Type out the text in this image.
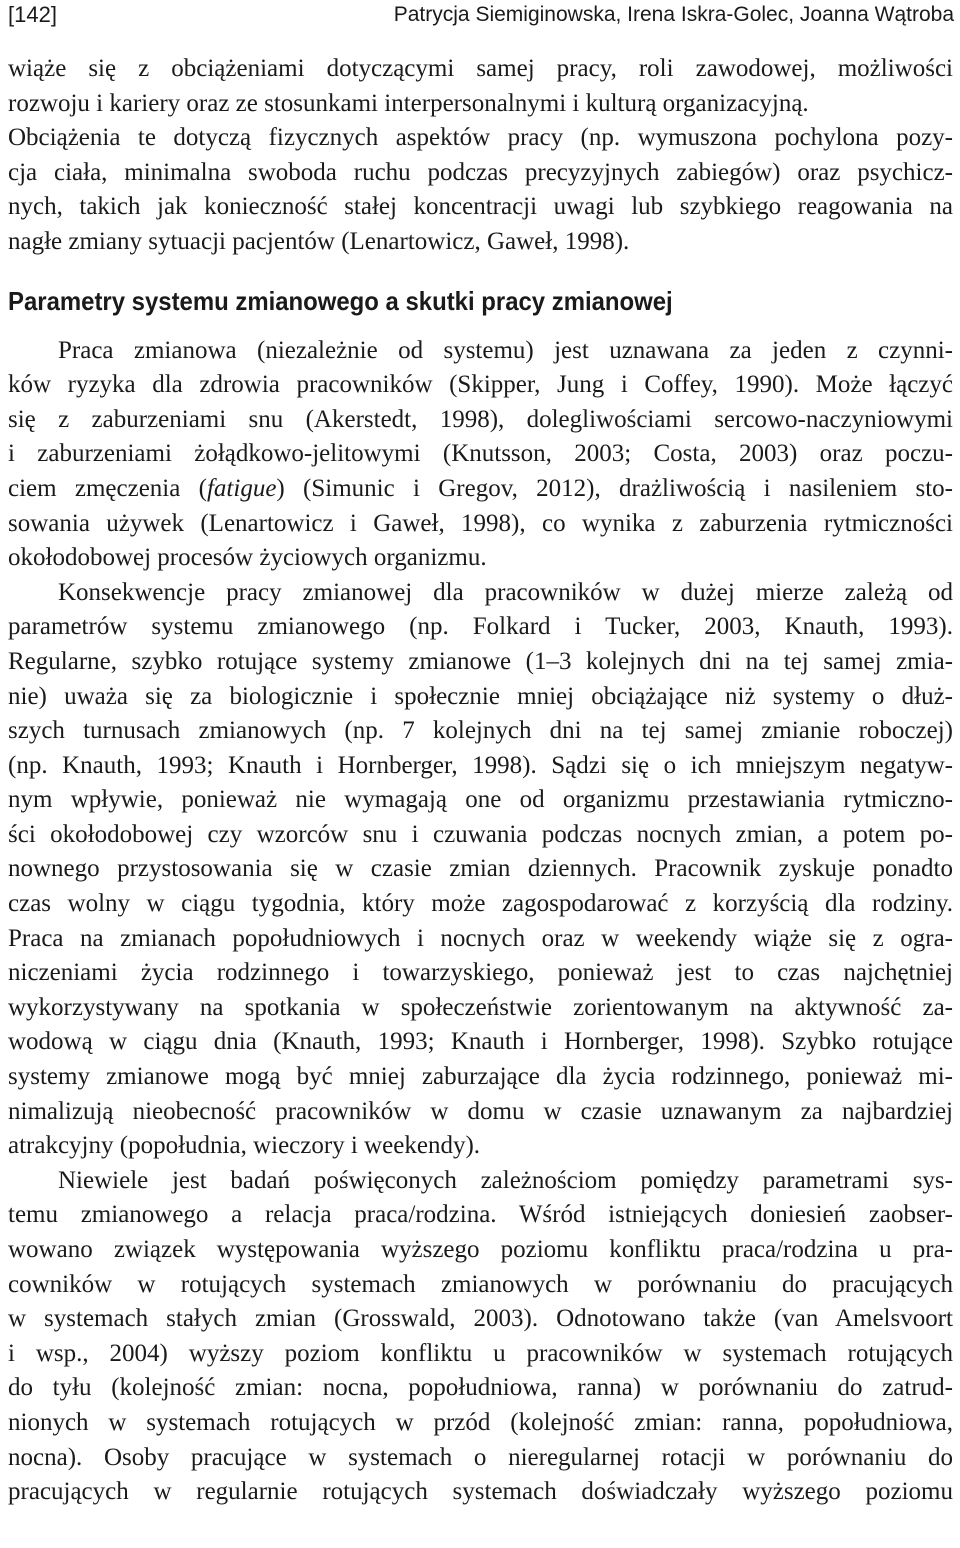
[142]	Patrycja Siemiginowska, Irena Iskra-Golec, Joanna Wątroba
wiąże się z obciążeniami dotyczącymi samej pracy, roli zawodowej, możliwości
rozwoju i kariery oraz ze stosunkami interpersonalnymi i kulturą organizacyjną.
Obciążenia te dotyczą fizycznych aspektów pracy (np. wymuszona pochylona pozy-
cja ciała, minimalna swoboda ruchu podczas precyzyjnych zabiegów) oraz psychicz-
nych, takich jak konieczność stałej koncentracji uwagi lub szybkiego reagowania na
nagłe zmiany sytuacji pacjentów (Lenartowicz, Gaweł, 1998).
Parametry systemu zmianowego a skutki pracy zmianowej
Praca zmianowa (niezależnie od systemu) jest uznawana za jeden z czynni-
ków ryzyka dla zdrowia pracowników (Skipper, Jung i Coffey, 1990). Może łączyć
się z zaburzeniami snu (Akerstedt, 1998), dolegliwościami sercowo-naczyniowymi
i zaburzeniami żołądkowo-jelitowymi (Knutsson, 2003; Costa, 2003) oraz poczu-
ciem zmęczenia (fatigue) (Simunic i Gregov, 2012), drażliwością i nasileniem sto-
sowania używek (Lenartowicz i Gaweł, 1998), co wynika z zaburzenia rytmiczności
okołodobowej procesów życiowych organizmu.
Konsekwencje pracy zmianowej dla pracowników w dużej mierze zależą od
parametrów systemu zmianowego (np. Folkard i Tucker, 2003, Knauth, 1993).
Regularne, szybko rotujące systemy zmianowe (1–3 kolejnych dni na tej samej zmia-
nie) uważa się za biologicznie i społecznie mniej obciążające niż systemy o dłuż-
szych turnusach zmianowych (np. 7 kolejnych dni na tej samej zmianie roboczej)
(np. Knauth, 1993; Knauth i Hornberger, 1998). Sądzi się o ich mniejszym negatyw-
nym wpływie, ponieważ nie wymagają one od organizmu przestawiania rytmiczno-
ści okołodobowej czy wzorców snu i czuwania podczas nocnych zmian, a potem po-
nownego przystosowania się w czasie zmian dziennych. Pracownik zyskuje ponadto
czas wolny w ciągu tygodnia, który może zagospodarować z korzyścią dla rodziny.
Praca na zmianach popołudniowych i nocnych oraz w weekendy wiąże się z ogra-
niczeniami życia rodzinnego i towarzyskiego, ponieważ jest to czas najchętniej
wykorzystywany na spotkania w społeczeństwie zorientowanym na aktywność za-
wodową w ciągu dnia (Knauth, 1993; Knauth i Hornberger, 1998). Szybko rotujące
systemy zmianowe mogą być mniej zaburzające dla życia rodzinnego, ponieważ mi-
nimalizują nieobecność pracowników w domu w czasie uznawanym za najbardziej
atrakcyjny (popołudnia, wieczory i weekendy).
Niewiele jest badań poświęconych zależnościom pomiędzy parametrami sys-
temu zmianowego a relacja praca/rodzina. Wśród istniejących doniesień zaobser-
wowano związek występowania wyższego poziomu konfliktu praca/rodzina u pra-
cowników w rotujących systemach zmianowych w porównaniu do pracujących
w systemach stałych zmian (Grosswald, 2003). Odnotowano także (van Amelsvoort
i wsp., 2004) wyższy poziom konfliktu u pracowników w systemach rotujących
do tyłu (kolejność zmian: nocna, popołudniowa, ranna) w porównaniu do zatrud-
nionych w systemach rotujących w przód (kolejność zmian: ranna, popołudniowa,
nocna). Osoby pracujące w systemach o nieregularnej rotacji w porównaniu do
pracujących w regularnie rotujących systemach doświadczały wyższego poziomu
